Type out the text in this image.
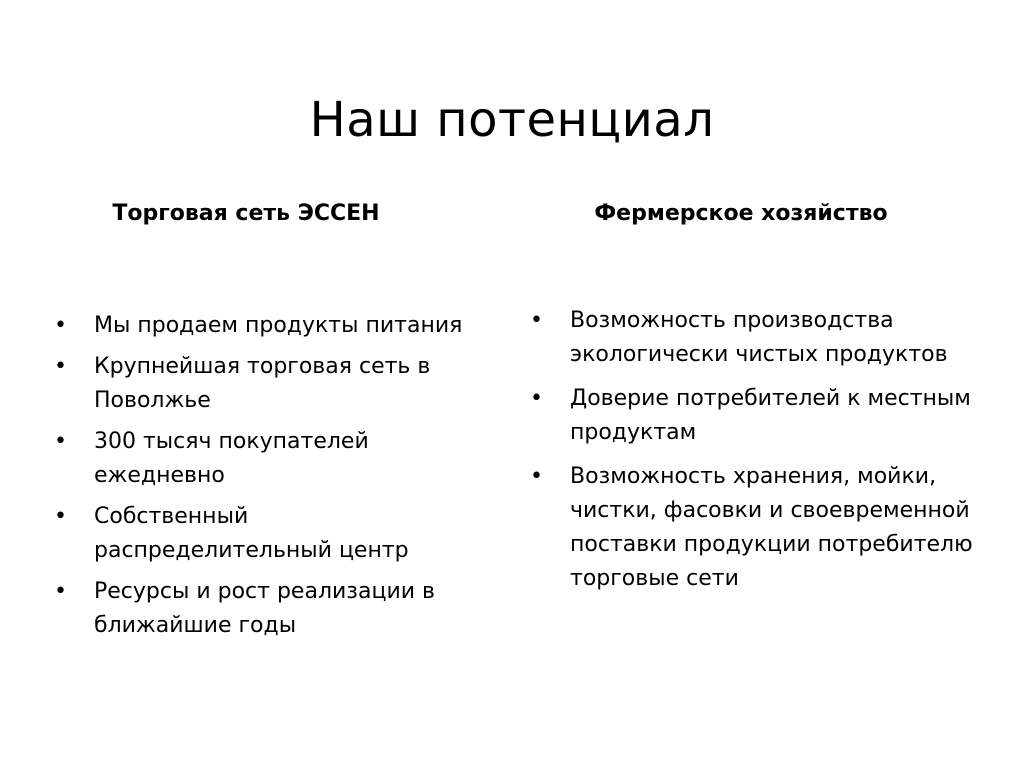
Наш потенциал
Торговая сеть ЭССЕН	Фермерское хозяйство
• Мы продаем продукты питания
• Крупнейшая торговая сеть в Поволжье
• 300 тысяч покупателей ежедневно
• Собственный распределительный центр
• Ресурсы и рост реализации в ближайшие годы
• Возможность производства экологически чистых продуктов
• Доверие потребителей к местным продуктам
• Возможность хранения, мойки, чистки, фасовки и своевременной поставки продукции потребителю торговые сети
